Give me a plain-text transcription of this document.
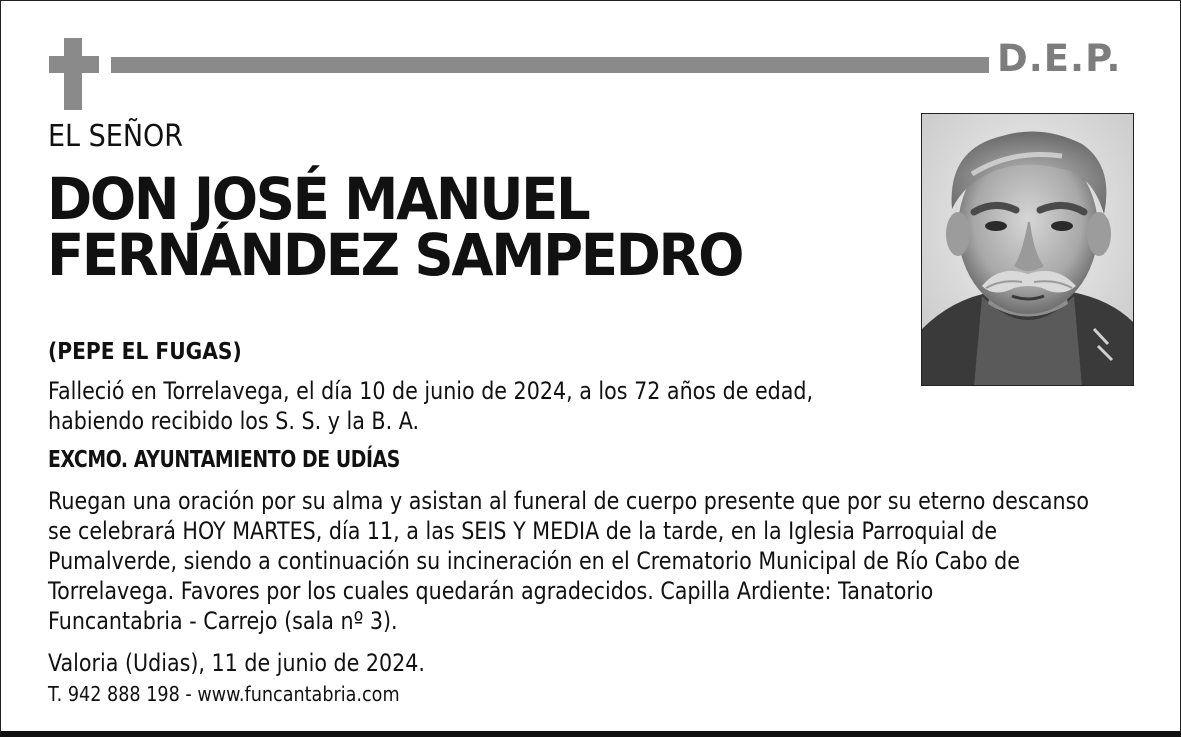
D.E.P.
EL SEÑOR
DON JOSÉ MANUEL
FERNÁNDEZ SAMPEDRO
(PEPE EL FUGAS)
Falleció en Torrelavega, el día 10 de junio de 2024, a los 72 años de edad,
habiendo recibido los S. S. y la B. A.
EXCMO. AYUNTAMIENTO DE UDÍAS
Ruegan una oración por su alma y asistan al funeral de cuerpo presente que por su eterno descanso
se celebrará HOY MARTES, día 11, a las SEIS Y MEDIA de la tarde, en la Iglesia Parroquial de
Pumalverde, siendo a continuación su incineración en el Crematorio Municipal de Río Cabo de
Torrelavega. Favores por los cuales quedarán agradecidos. Capilla Ardiente: Tanatorio
Funcantabria - Carrejo (sala nº 3).
Valoria (Udias), 11 de junio de 2024.
T. 942 888 198 - www.funcantabria.com
